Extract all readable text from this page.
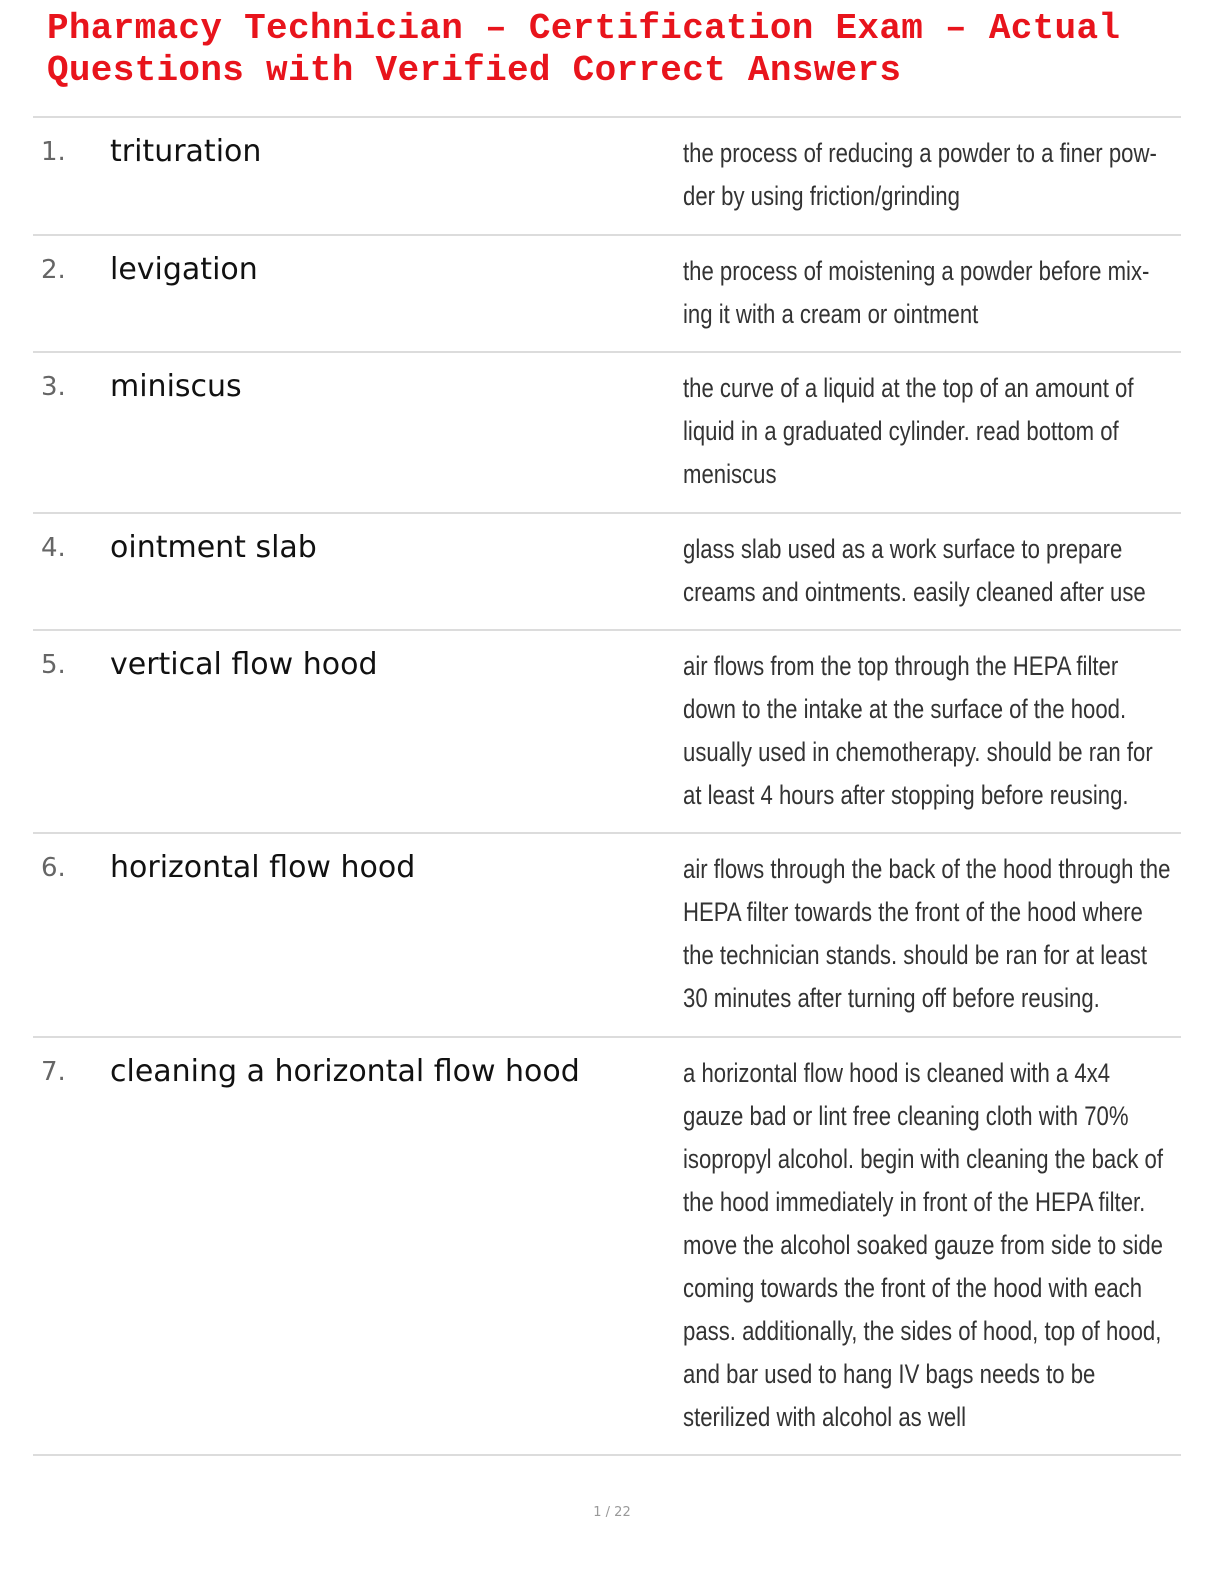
Pharmacy Technician – Certification Exam – Actual
Questions with Verified Correct Answers
1. trituration	the process of reducing a powder to a finer pow-der by using friction/grinding
2. levigation	the process of moistening a powder before mix-ing it with a cream or ointment
3. miniscus	the curve of a liquid at the top of an amount of liquid in a graduated cylinder. read bottom of meniscus
4. ointment slab	glass slab used as a work surface to prepare creams and ointments. easily cleaned after use
5. vertical flow hood	air flows from the top through the HEPA filter down to the intake at the surface of the hood. usually used in chemotherapy. should be ran for at least 4 hours after stopping before reusing.
6. horizontal flow hood	air flows through the back of the hood through the HEPA filter towards the front of the hood where the technician stands. should be ran for at least 30 minutes after turning off before reusing.
7. cleaning a horizontal flow hood	a horizontal flow hood is cleaned with a 4x4 gauze bad or lint free cleaning cloth with 70% isopropyl alcohol. begin with cleaning the back of the hood immediately in front of the HEPA filter. move the alcohol soaked gauze from side to side coming towards the front of the hood with each pass. additionally, the sides of hood, top of hood, and bar used to hang IV bags needs to be sterilized with alcohol as well
1 / 22
